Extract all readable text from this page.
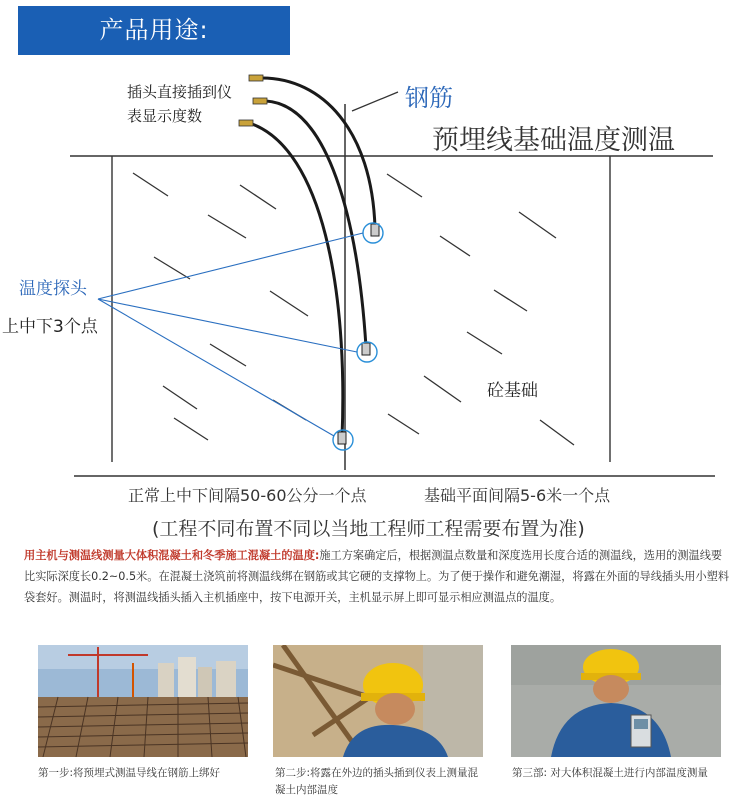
产品用途:
插头直接插到仪
表显示度数
钢筋
预埋线基础温度测温
温度探头
上中下3个点
砼基础
正常上中下间隔50-60公分一个点	基础平面间隔5-6米一个点
(工程不同布置不同以当地工程师工程需要布置为准)
用主机与测温线测量大体积混凝土和冬季施工混凝土的温度:施工方案确定后，根据测温点数量和深度选用长度合适的测温线，选用的测温线要比实际深度长0.2~0.5米。在混凝土浇筑前将测温线绑在钢筋或其它硬的支撑物上。为了便于操作和避免潮湿，将露在外面的导线插头用小塑料袋套好。测温时，将测温线插头插入主机插座中，按下电源开关，主机显示屏上即可显示相应测温点的温度。
第一步:将预埋式测温导线在钢筋上绑好	第二步:将露在外边的插头插到仪表上测量混凝土内部温度
第三部: 对大体积混凝土进行内部温度测量
